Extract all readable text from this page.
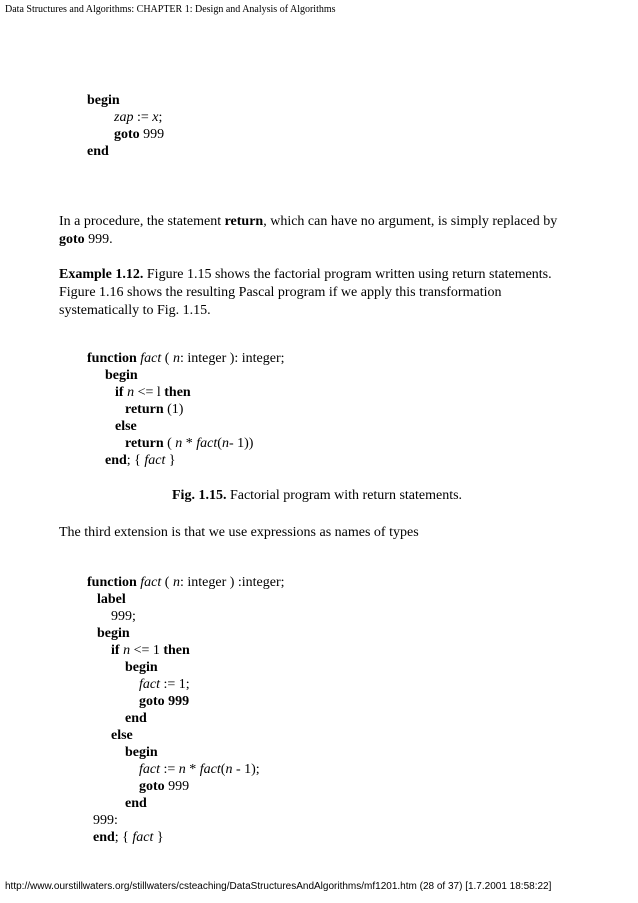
Data Structures and Algorithms: CHAPTER 1: Design and Analysis of Algorithms
begin
zap := x;
goto 999
end
In a procedure, the statement return, which can have no argument, is simply replaced by goto 999.
Example 1.12. Figure 1.15 shows the factorial program written using return statements. Figure 1.16 shows the resulting Pascal program if we apply this transformation systematically to Fig. 1.15.
function fact ( n: integer ): integer;
begin
if n <= l then
return (1)
else
return ( n * fact(n- 1))
end; { fact }
Fig. 1.15. Factorial program with return statements.
The third extension is that we use expressions as names of types
function fact ( n: integer ) :integer;
label
999;
begin
if n <= 1 then
begin
fact := 1;
goto 999
end
else
begin
fact := n * fact(n - 1);
goto 999
end
999:
end; { fact }
http://www.ourstillwaters.org/stillwaters/csteaching/DataStructuresAndAlgorithms/mf1201.htm (28 of 37) [1.7.2001 18:58:22]
